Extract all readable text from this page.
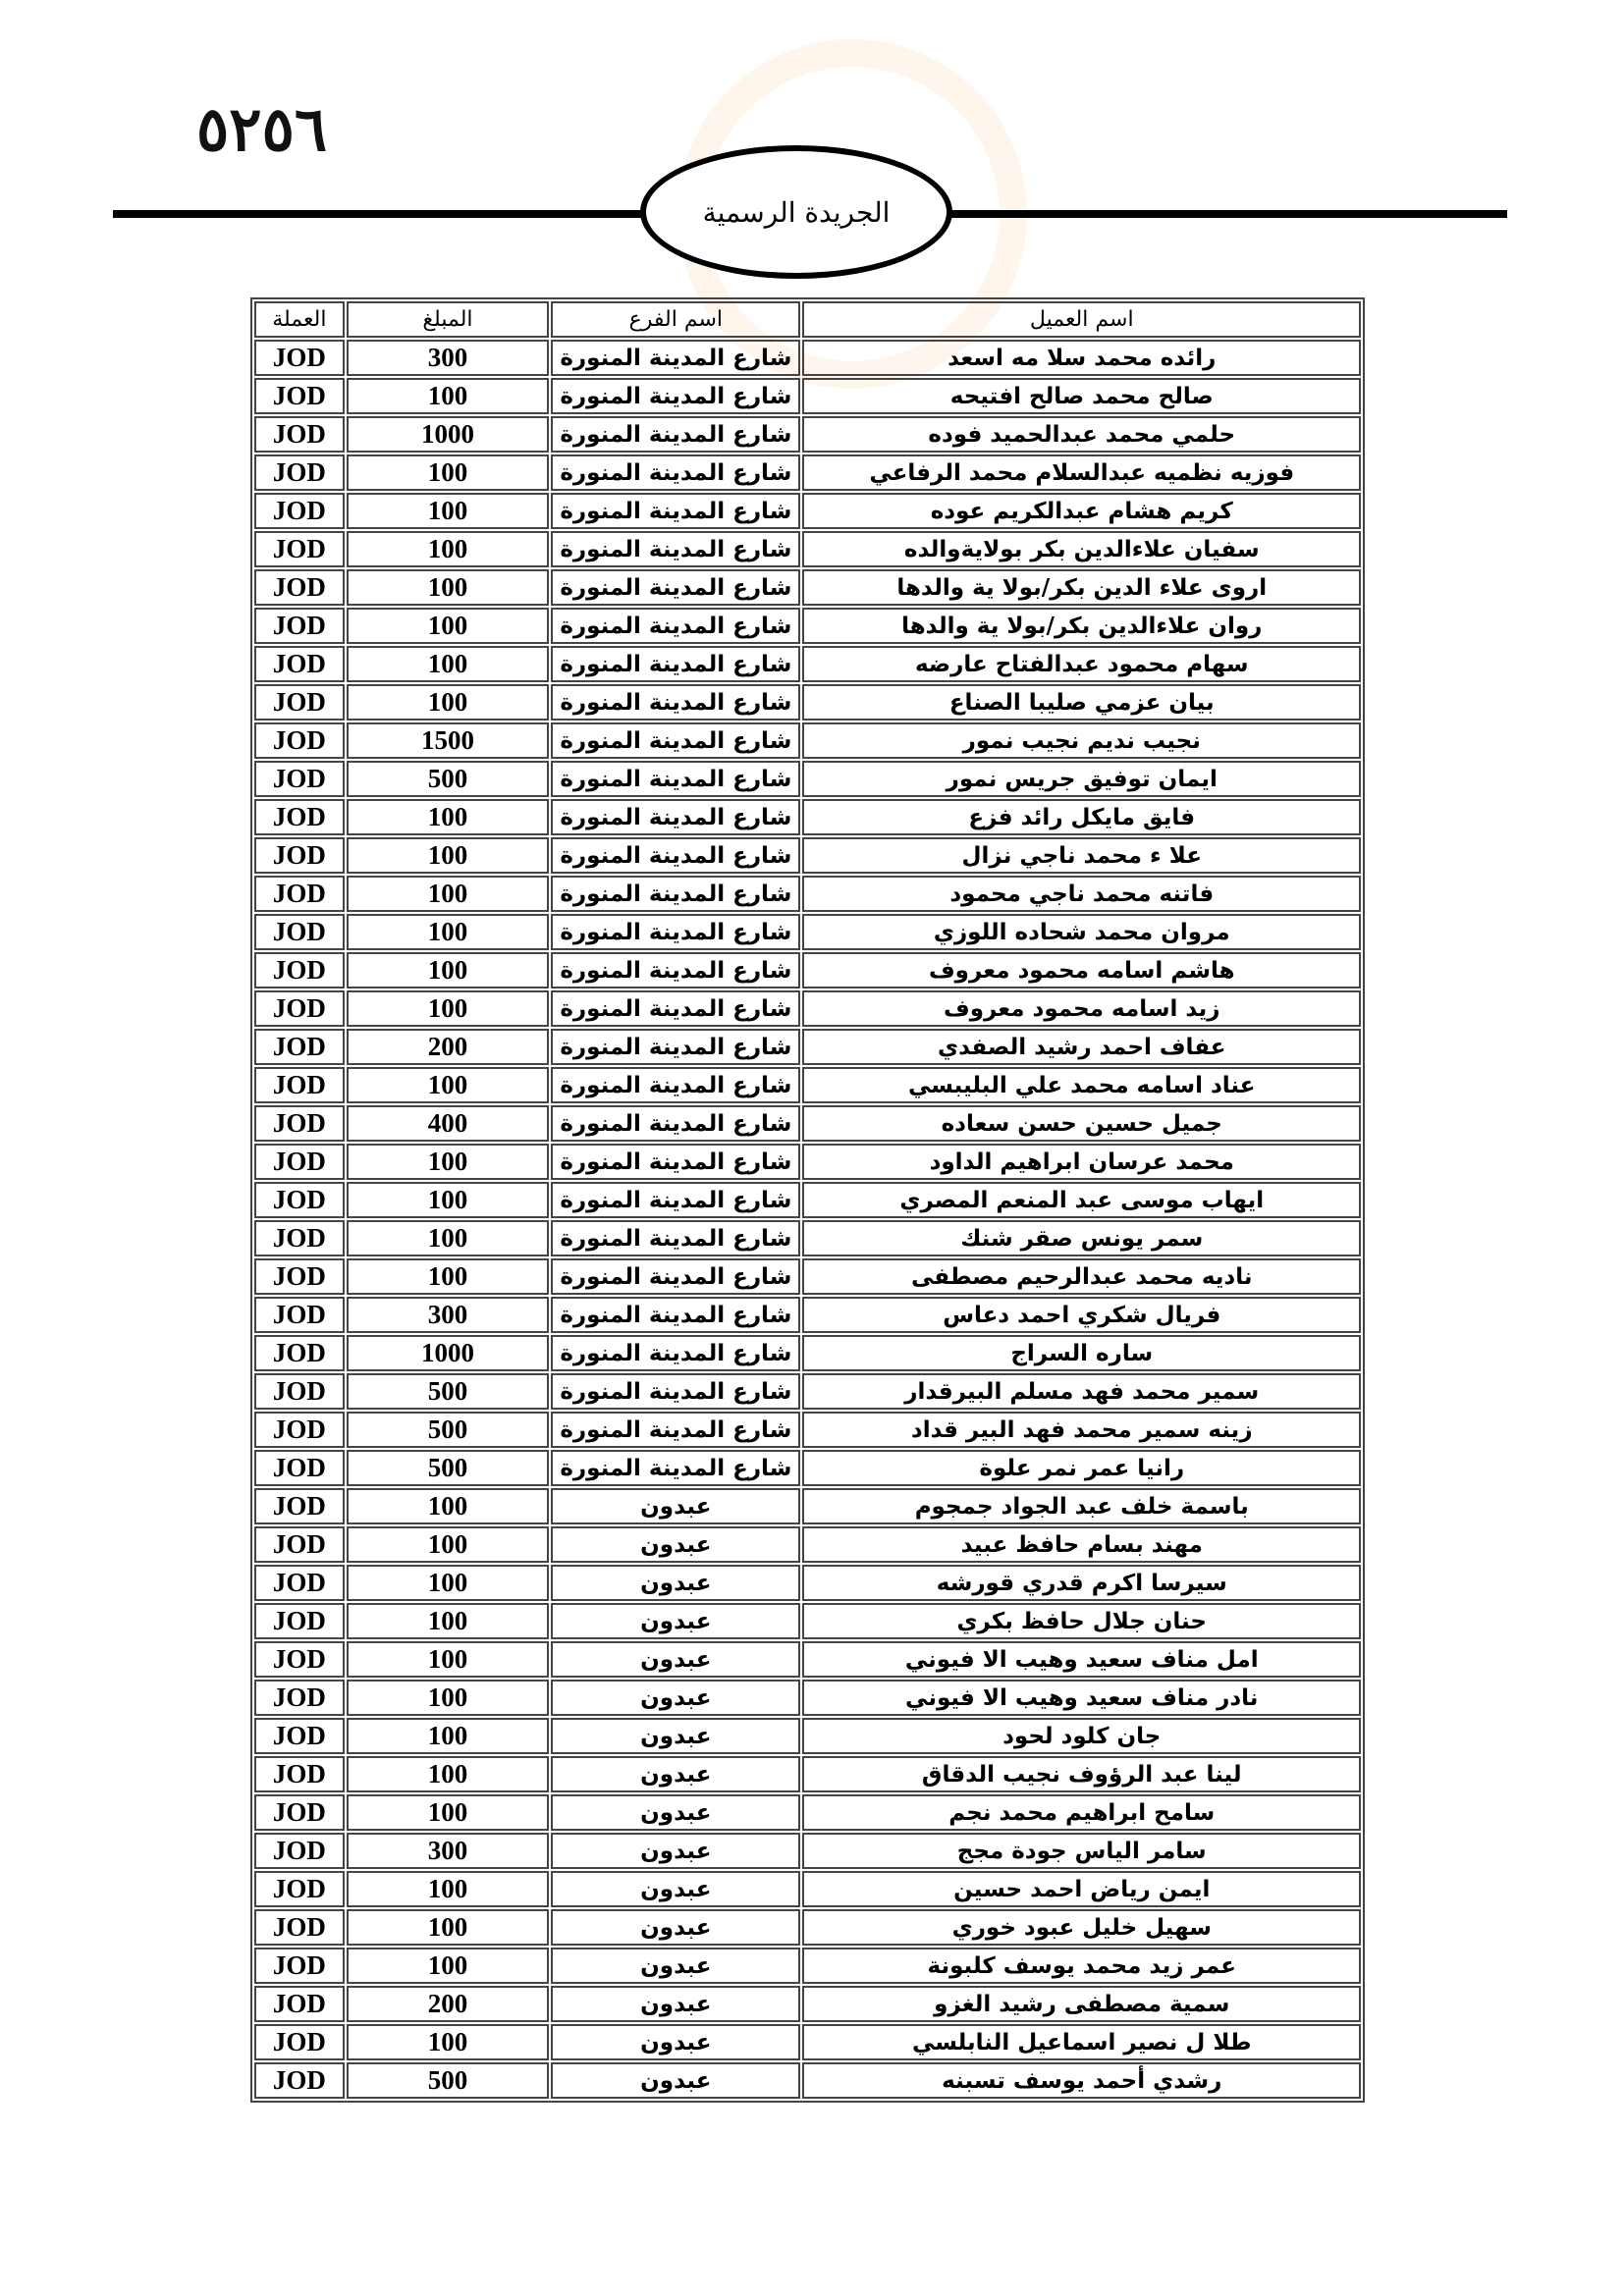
٥٢٥٦
الجريدة الرسمية
اسم العميل	اسم الفرع	المبلغ	العملة
رائده محمد سلا مه اسعد	شارع المدينة المنورة	300	JOD
صالح محمد صالح افتيحه	شارع المدينة المنورة	100	JOD
حلمي محمد عبدالحميد فوده	شارع المدينة المنورة	1000	JOD
فوزيه نظميه عبدالسلام محمد الرفاعي	شارع المدينة المنورة	100	JOD
كريم هشام عبدالكريم عوده	شارع المدينة المنورة	100	JOD
سفيان علاءالدين بكر بولايةوالده	شارع المدينة المنورة	100	JOD
اروى علاء الدين بكر/بولا ية والدها	شارع المدينة المنورة	100	JOD
روان علاءالدين بكر/بولا ية والدها	شارع المدينة المنورة	100	JOD
سهام محمود عبدالفتاح عارضه	شارع المدينة المنورة	100	JOD
بيان عزمي صليبا الصناع	شارع المدينة المنورة	100	JOD
نجيب نديم نجيب نمور	شارع المدينة المنورة	1500	JOD
ايمان توفيق جريس نمور	شارع المدينة المنورة	500	JOD
فايق مايكل رائد فزع	شارع المدينة المنورة	100	JOD
علا ء محمد ناجي نزال	شارع المدينة المنورة	100	JOD
فاتنه محمد ناجي محمود	شارع المدينة المنورة	100	JOD
مروان محمد شحاده اللوزي	شارع المدينة المنورة	100	JOD
هاشم اسامه محمود معروف	شارع المدينة المنورة	100	JOD
زيد اسامه محمود معروف	شارع المدينة المنورة	100	JOD
عفاف احمد رشيد الصفدي	شارع المدينة المنورة	200	JOD
عناد اسامه محمد علي البليبسي	شارع المدينة المنورة	100	JOD
جميل حسين حسن سعاده	شارع المدينة المنورة	400	JOD
محمد عرسان ابراهيم الداود	شارع المدينة المنورة	100	JOD
ايهاب موسى عبد المنعم المصري	شارع المدينة المنورة	100	JOD
سمر يونس صقر شنك	شارع المدينة المنورة	100	JOD
ناديه محمد عبدالرحيم مصطفى	شارع المدينة المنورة	100	JOD
فريال شكري احمد دعاس	شارع المدينة المنورة	300	JOD
ساره السراج	شارع المدينة المنورة	1000	JOD
سمير محمد فهد مسلم البيرقدار	شارع المدينة المنورة	500	JOD
زينه سمير محمد فهد البير قداد	شارع المدينة المنورة	500	JOD
رانيا عمر نمر علوة	شارع المدينة المنورة	500	JOD
باسمة خلف عبد الجواد جمجوم	عبدون	100	JOD
مهند بسام حافظ عبيد	عبدون	100	JOD
سيرسا اكرم قدري قورشه	عبدون	100	JOD
حنان جلال حافظ بكري	عبدون	100	JOD
امل مناف سعيد وهيب الا فيوني	عبدون	100	JOD
نادر مناف سعيد وهيب الا فيوني	عبدون	100	JOD
جان كلود لحود	عبدون	100	JOD
لينا عبد الرؤوف نجيب الدقاق	عبدون	100	JOD
سامح ابراهيم محمد نجم	عبدون	100	JOD
سامر الياس جودة مجج	عبدون	300	JOD
ايمن رياض احمد حسين	عبدون	100	JOD
سهيل خليل عبود خوري	عبدون	100	JOD
عمر زيد محمد يوسف كلبونة	عبدون	100	JOD
سمية مصطفى رشيد الغزو	عبدون	200	JOD
طلا ل نصير اسماعيل النابلسي	عبدون	100	JOD
رشدي أحمد يوسف تسبنه	عبدون	500	JOD
